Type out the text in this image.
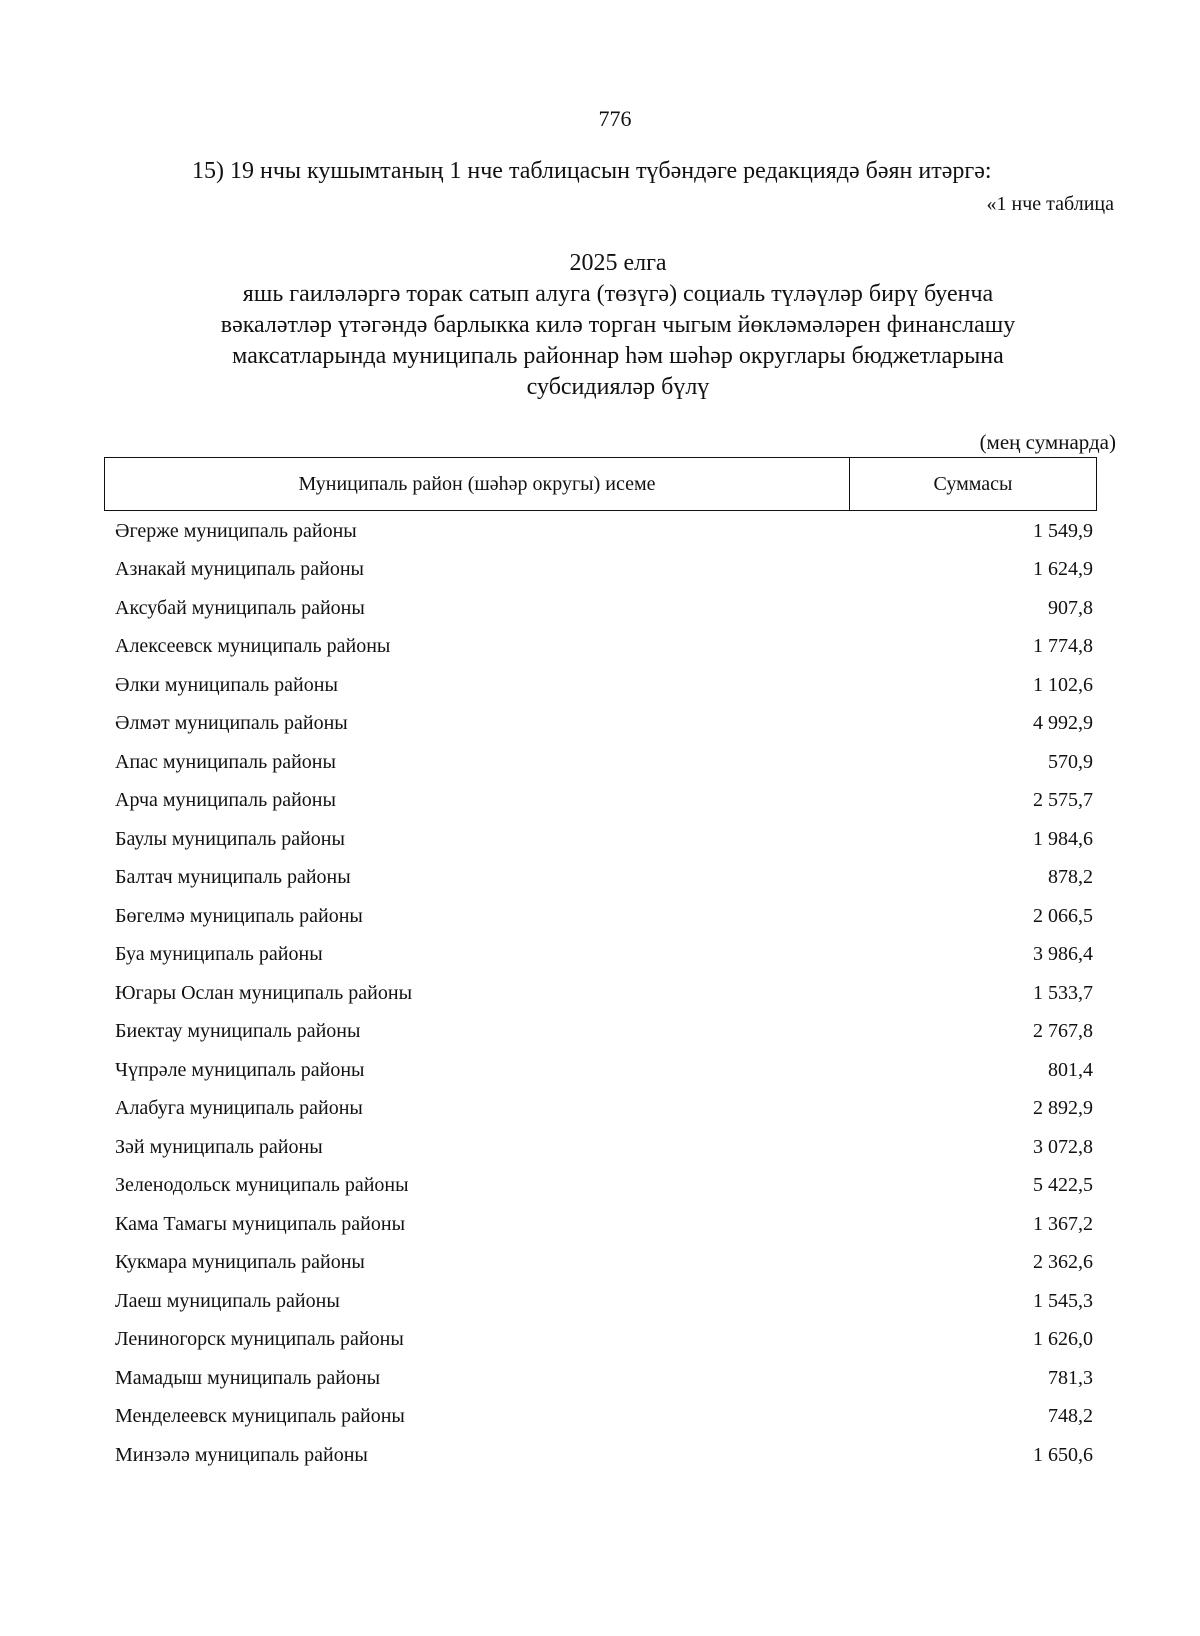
776
15) 19 нчы кушымтаның 1 нче таблицасын түбәндәге редакциядә бәян итәргә:
«1 нче таблица
2025 елга
яшь гаиләләргә торак сатып алуга (төзүгә) социаль түләүләр бирү буенча
вәкаләтләр үтәгәндә барлыкка килә торган чыгым йөкләмәләрен финанслашу
максатларында муниципаль районнар һәм шәһәр округлары бюджетларына
субсидияләр бүлү
(мең сумнарда)
Муниципаль район (шәһәр округы) исеме	Суммасы
Әгерже муниципаль районы	1 549,9
Азнакай муниципаль районы	1 624,9
Аксубай муниципаль районы	907,8
Алексеевск муниципаль районы	1 774,8
Әлки муниципаль районы	1 102,6
Әлмәт муниципаль районы	4 992,9
Апас муниципаль районы	570,9
Арча муниципаль районы	2 575,7
Баулы муниципаль районы	1 984,6
Балтач муниципаль районы	878,2
Бөгелмә муниципаль районы	2 066,5
Буа муниципаль районы	3 986,4
Югары Ослан муниципаль районы	1 533,7
Биектау муниципаль районы	2 767,8
Чүпрәле муниципаль районы	801,4
Алабуга муниципаль районы	2 892,9
Зәй муниципаль районы	3 072,8
Зеленодольск муниципаль районы	5 422,5
Кама Тамагы муниципаль районы	1 367,2
Кукмара муниципаль районы	2 362,6
Лаеш муниципаль районы	1 545,3
Лениногорск муниципаль районы	1 626,0
Мамадыш муниципаль районы	781,3
Менделеевск муниципаль районы	748,2
Минзәлә муниципаль районы	1 650,6
